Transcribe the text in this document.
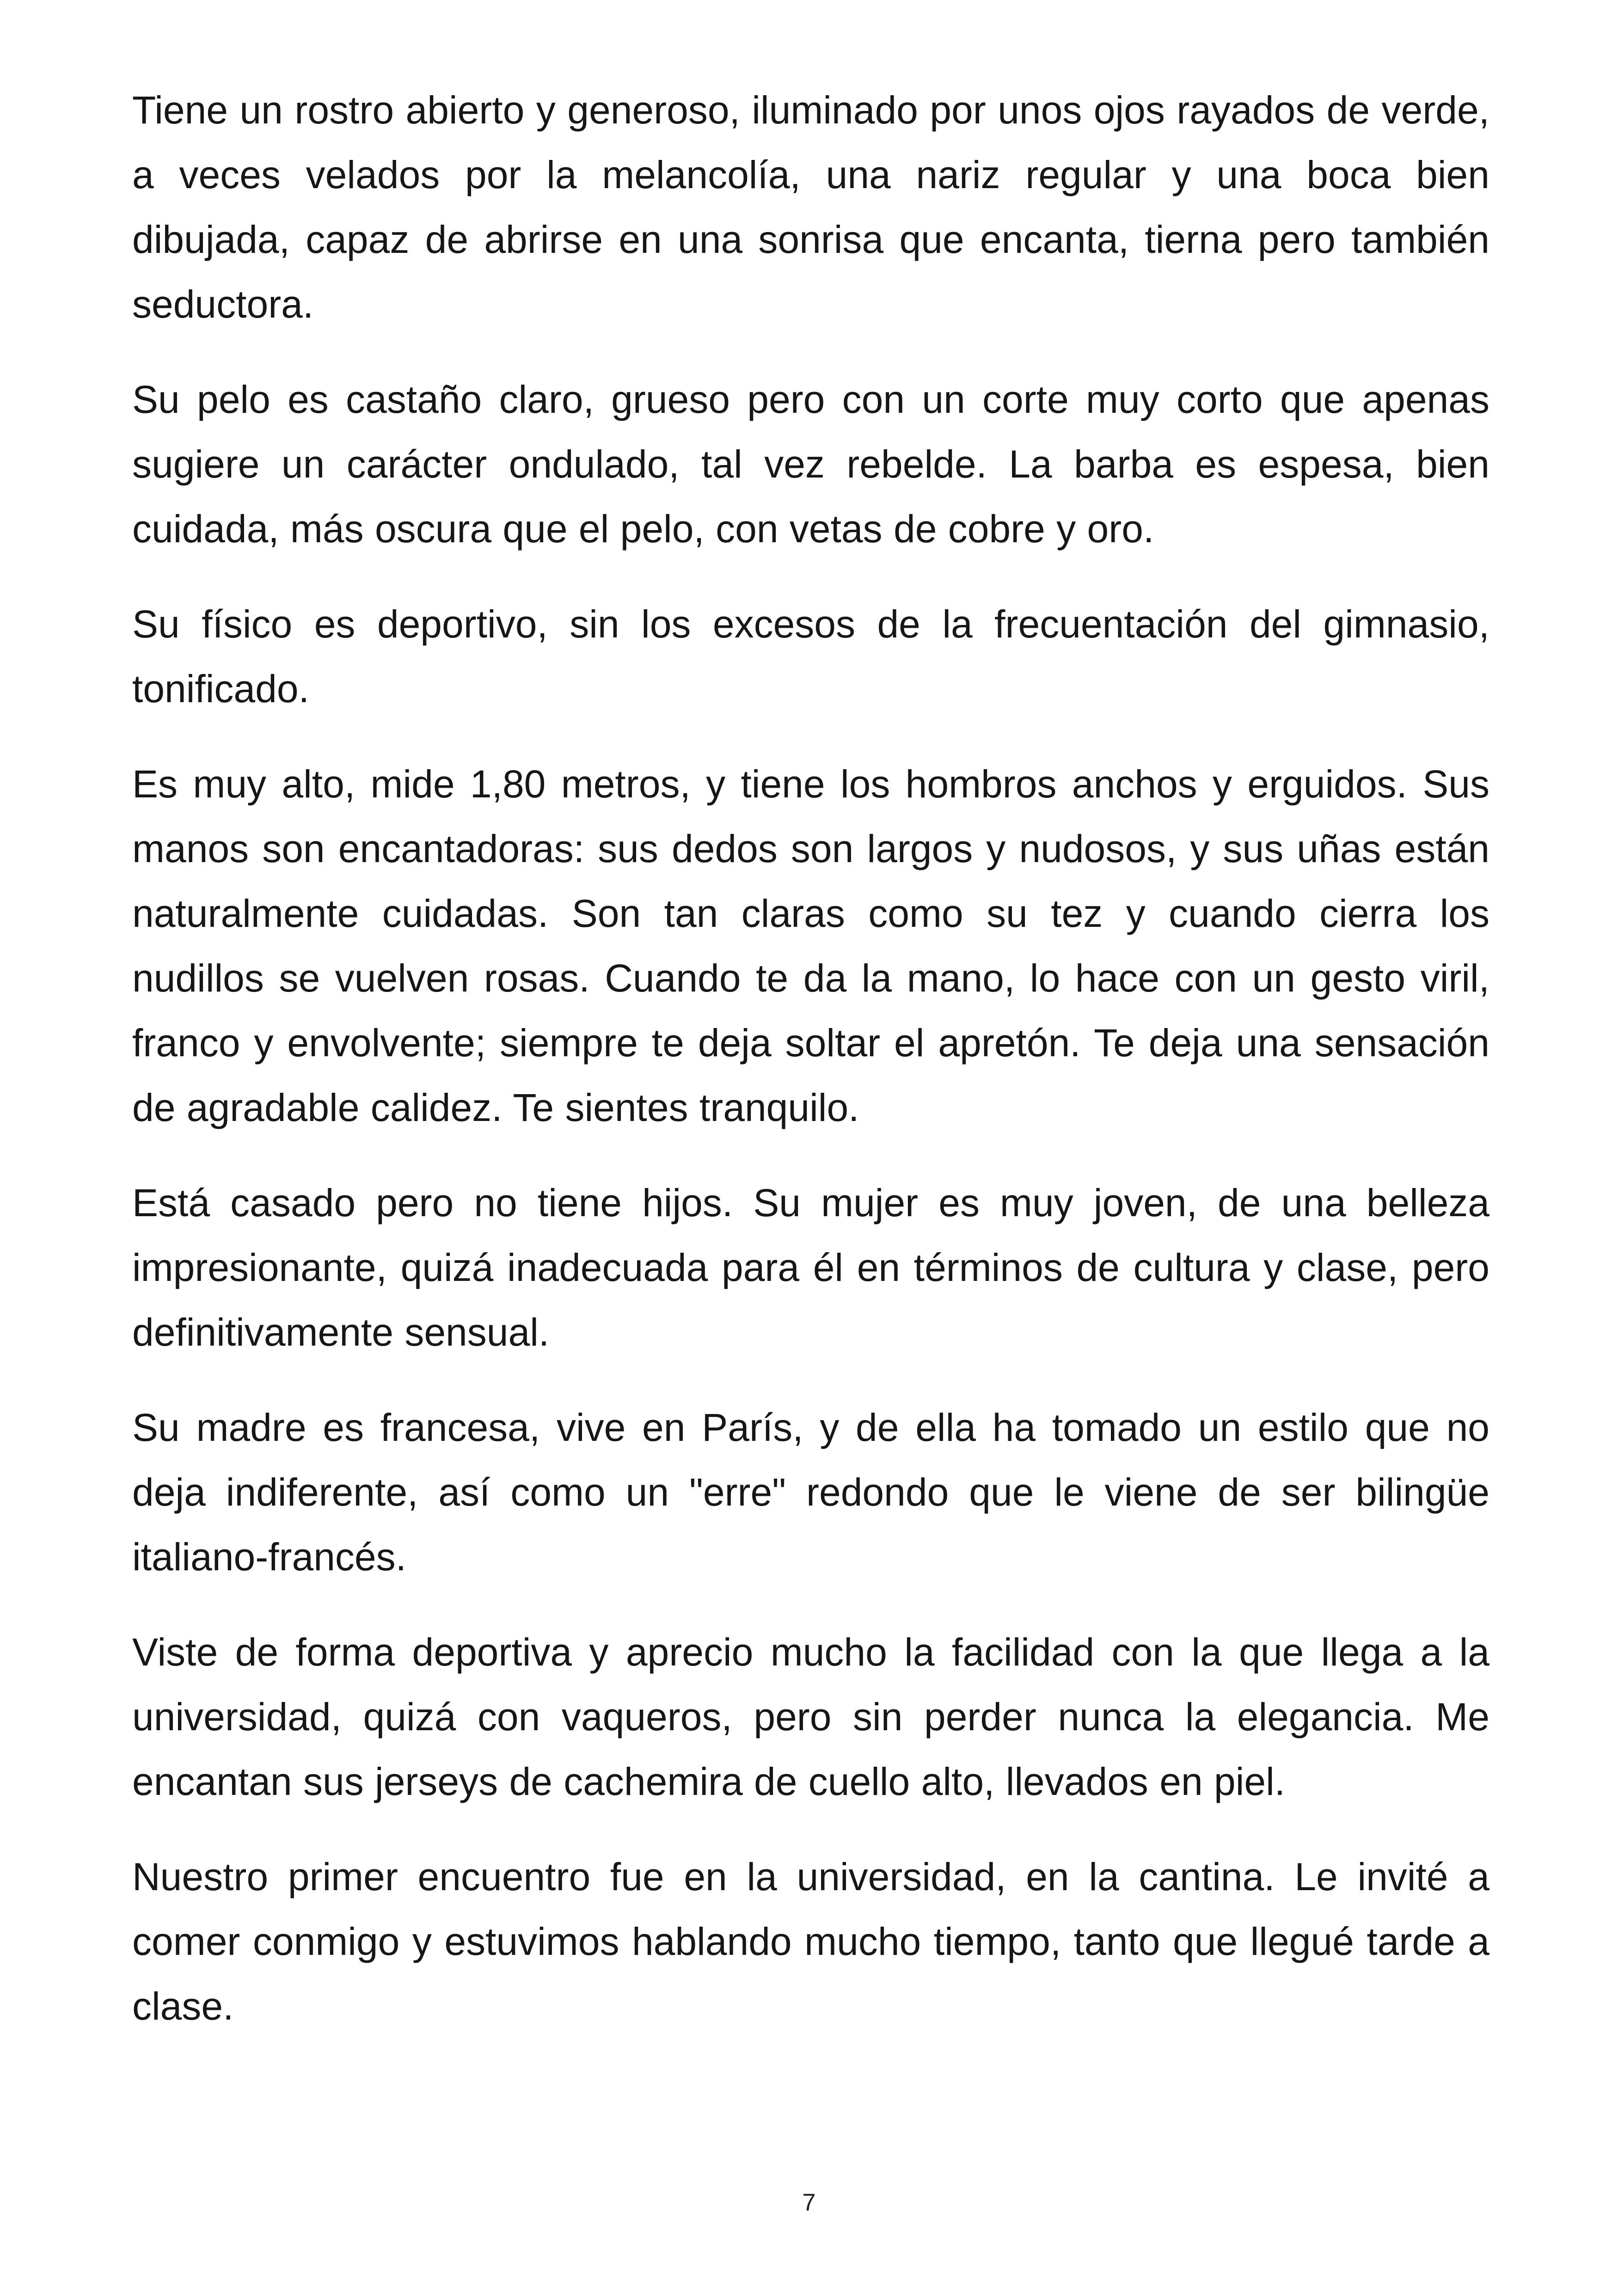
Tiene un rostro abierto y generoso, iluminado por unos ojos rayados de verde, a veces velados por la melancolía, una nariz regular y una boca bien dibujada, capaz de abrirse en una sonrisa que encanta, tierna pero también seductora.

Su pelo es castaño claro, grueso pero con un corte muy corto que apenas sugiere un carácter ondulado, tal vez rebelde. La barba es espesa, bien cuidada, más oscura que el pelo, con vetas de cobre y oro.

Su físico es deportivo, sin los excesos de la frecuentación del gimnasio, tonificado.

Es muy alto, mide 1,80 metros, y tiene los hombros anchos y erguidos. Sus manos son encantadoras: sus dedos son largos y nudosos, y sus uñas están naturalmente cuidadas. Son tan claras como su tez y cuando cierra los nudillos se vuelven rosas. Cuando te da la mano, lo hace con un gesto viril, franco y envolvente; siempre te deja soltar el apretón. Te deja una sensación de agradable calidez. Te sientes tranquilo.

Está casado pero no tiene hijos. Su mujer es muy joven, de una belleza impresionante, quizá inadecuada para él en términos de cultura y clase, pero definitivamente sensual.

Su madre es francesa, vive en París, y de ella ha tomado un estilo que no deja indiferente, así como un "erre" redondo que le viene de ser bilingüe italiano-francés.

Viste de forma deportiva y aprecio mucho la facilidad con la que llega a la universidad, quizá con vaqueros, pero sin perder nunca la elegancia. Me encantan sus jerseys de cachemira de cuello alto, llevados en piel.

Nuestro primer encuentro fue en la universidad, en la cantina. Le invité a comer conmigo y estuvimos hablando mucho tiempo, tanto que llegué tarde a clase.

7
